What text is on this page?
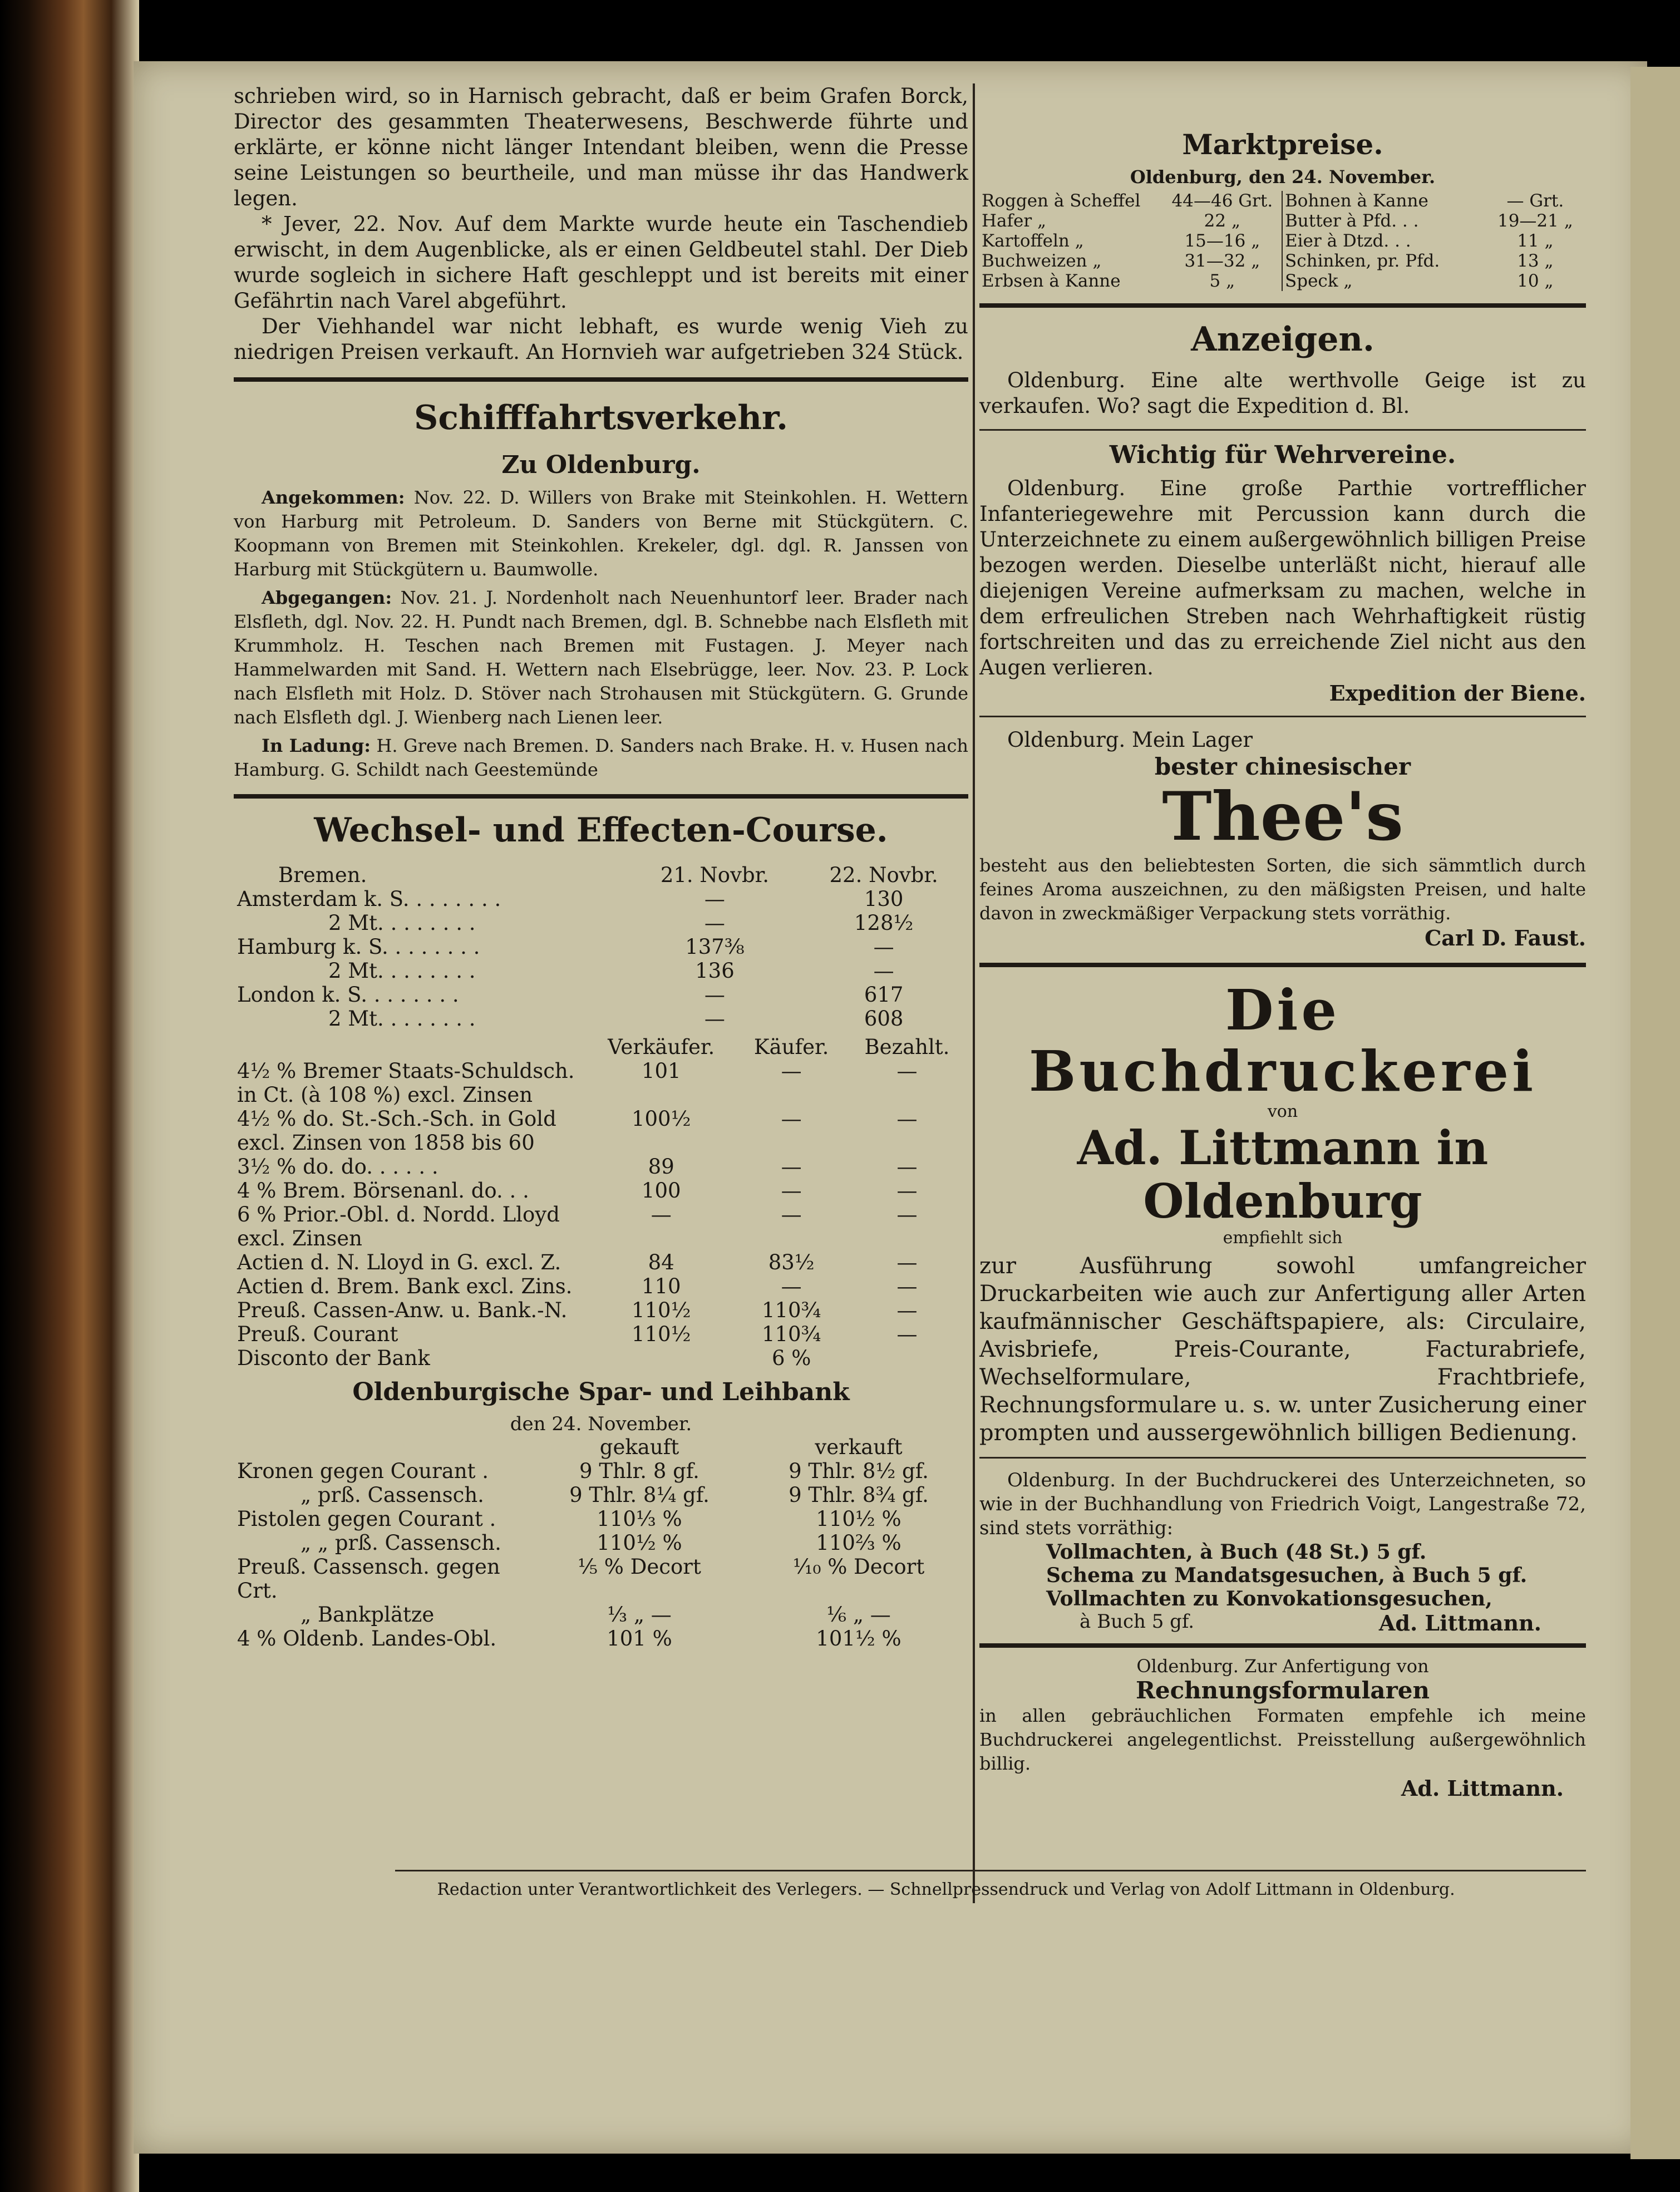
schrieben wird, so in Harnisch gebracht, daß er beim Grafen Borck, Director des gesammten Theaterwesens, Beschwerde führte und erklärte, er könne nicht länger Intendant bleiben, wenn die Presse seine Leistungen so beurtheile, und man müsse ihr das Handwerk legen.

* Jever, 22. Nov. Auf dem Markte wurde heute ein Taschendieb erwischt, in dem Augenblicke, als er einen Geldbeutel stahl. Der Dieb wurde sogleich in sichere Haft geschleppt und ist bereits mit einer Gefährtin nach Varel abgeführt.

Der Viehhandel war nicht lebhaft, es wurde wenig Vieh zu niedrigen Preisen verkauft. An Hornvieh war aufgetrieben 324 Stück.

Schifffahrtsverkehr.
Zu Oldenburg.

Angekommen: Nov. 22. D. Willers von Brake mit Steinkohlen. H. Wettern von Harburg mit Petroleum. D. Sanders von Berne mit Stückgütern. C. Koopmann von Bremen mit Steinkohlen. Krekeler, dgl. dgl. R. Janssen von Harburg mit Stückgütern u. Baumwolle.

Abgegangen: Nov. 21. J. Nordenholt nach Neuenhuntorf leer. Brader nach Elsfleth, dgl. Nov. 22. H. Pundt nach Bremen, dgl. B. Schnebbe nach Elsfleth mit Krummholz. H. Teschen nach Bremen mit Fustagen. J. Meyer nach Hammelwarden mit Sand. H. Wettern nach Elsebrügge, leer. Nov. 23. P. Lock nach Elsfleth mit Holz. D. Stöver nach Strohausen mit Stückgütern. G. Grunde nach Elsfleth dgl. J. Wienberg nach Lienen leer.

In Ladung: H. Greve nach Bremen. D. Sanders nach Brake. H. v. Husen nach Hamburg. G. Schildt nach Geestemünde

Wechsel- und Effecten-Course.
Bremen.	21. Novbr.	22. Novbr.
Amsterdam k. S. . . . . . . .	—	130
2 Mt. . . . . . . .	—	128½
Hamburg k. S. . . . . . . .	137⅜	—
2 Mt. . . . . . . .	136	—
London k. S. . . . . . . .	—	617
2 Mt. . . . . . . .	—	608
	Verkäufer.	Käufer.	Bezahlt.
4½ % Bremer Staats-Schuldsch. in Ct. (à 108 %) excl. Zinsen	101	—	—
4½ % do. St.-Sch.-Sch. in Gold excl. Zinsen von 1858 bis 60	100½	—	—
3½ % do. do. . . . . .	89	—	—
4 % Brem. Börsenanl. do. . .	100	—	—
6 % Prior.-Obl. d. Nordd. Lloyd excl. Zinsen	—	—	—
Actien d. N. Lloyd in G. excl. Z.	84	83½	—
Actien d. Brem. Bank excl. Zins.	110	—	—
Preuß. Cassen-Anw. u. Bank.-N.	110½	110¾	—
Preuß. Courant	110½	110¾	—
Disconto der Bank		6 %	
Oldenburgische Spar- und Leihbank

den 24. November.

	gekauft	verkauft
Kronen gegen Courant .	9 Thlr. 8 gf.	9 Thlr. 8½ gf.
„ prß. Cassensch.	9 Thlr. 8¼ gf.	9 Thlr. 8¾ gf.
Pistolen gegen Courant .	110⅓ %	110½ %
„ „ prß. Cassensch.	110½ %	110⅔ %
Preuß. Cassensch. gegen Crt.	⅕ % Decort	⅒ % Decort
„ Bankplätze	⅓ „ —	⅙ „ —
4 % Oldenb. Landes-Obl.	101 %	101½ %
Marktpreise.

Oldenburg, den 24. November.

Roggen à Scheffel	44—46 Grt.
Hafer „	22 „
Kartoffeln „	15—16 „
Buchweizen „	31—32 „
Erbsen à Kanne	5 „
Bohnen à Kanne	— Grt.
Butter à Pfd. . .	19—21 „
Eier à Dtzd. . .	11 „
Schinken, pr. Pfd.	13 „
Speck „	10 „
Anzeigen.

Oldenburg. Eine alte werthvolle Geige ist zu verkaufen. Wo? sagt die Expedition d. Bl.

Wichtig für Wehrvereine.

Oldenburg. Eine große Parthie vortrefflicher Infanteriegewehre mit Percussion kann durch die Unterzeichnete zu einem außergewöhnlich billigen Preise bezogen werden. Dieselbe unterläßt nicht, hierauf alle diejenigen Vereine aufmerksam zu machen, welche in dem erfreulichen Streben nach Wehrhaftigkeit rüstig fortschreiten und das zu erreichende Ziel nicht aus den Augen verlieren.

Expedition der Biene.

Oldenburg. Mein Lager

bester chinesischer

Thee's

besteht aus den beliebtesten Sorten, die sich sämmtlich durch feines Aroma auszeichnen, zu den mäßigsten Preisen, und halte davon in zweckmäßiger Verpackung stets vorräthig.

Carl D. Faust.

Die Buchdruckerei

von

Ad. Littmann in Oldenburg

empfiehlt sich

zur Ausführung sowohl umfangreicher Druckarbeiten wie auch zur Anfertigung aller Arten kaufmännischer Geschäftspapiere, als: Circulaire, Avisbriefe, Preis-Courante, Facturabriefe, Wechselformulare, Frachtbriefe, Rechnungsformulare u. s. w. unter Zusicherung einer prompten und aussergewöhnlich billigen Bedienung.

Oldenburg. In der Buchdruckerei des Unterzeichneten, so wie in der Buchhandlung von Friedrich Voigt, Langestraße 72, sind stets vorräthig:

Vollmachten, à Buch (48 St.) 5 gf.

Schema zu Mandatsgesuchen, à Buch 5 gf.

Vollmachten zu Konvokationsgesuchen,

à Buch 5 gf.	Ad. Littmann.

Oldenburg. Zur Anfertigung von

Rechnungsformularen

in allen gebräuchlichen Formaten empfehle ich meine Buchdruckerei angelegentlichst. Preisstellung außergewöhnlich billig.

Ad. Littmann.

Redaction unter Verantwortlichkeit des Verlegers. — Schnellpressendruck und Verlag von Adolf Littmann in Oldenburg.
